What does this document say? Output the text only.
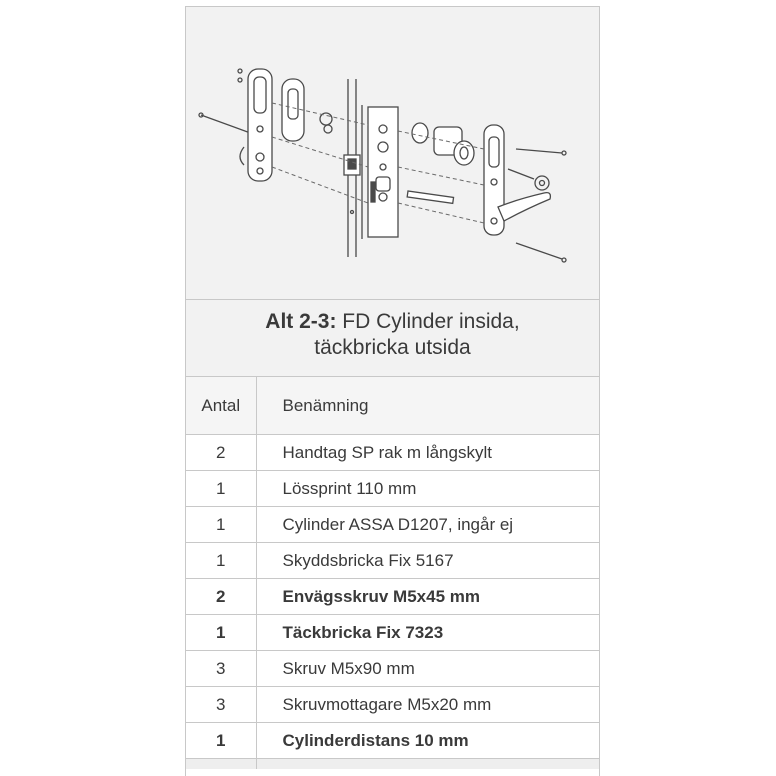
Alt 2-3: FD Cylinder insida,
täckbricka utsida
Antal	Benämning
2	Handtag SP rak m långskylt
1	Lössprint 110 mm
1	Cylinder ASSA D1207, ingår ej
1	Skyddsbricka Fix 5167
2	Envägsskruv M5x45 mm
1	Täckbricka Fix 7323
3	Skruv M5x90 mm
3	Skruvmottagare M5x20 mm
1	Cylinderdistans 10 mm
